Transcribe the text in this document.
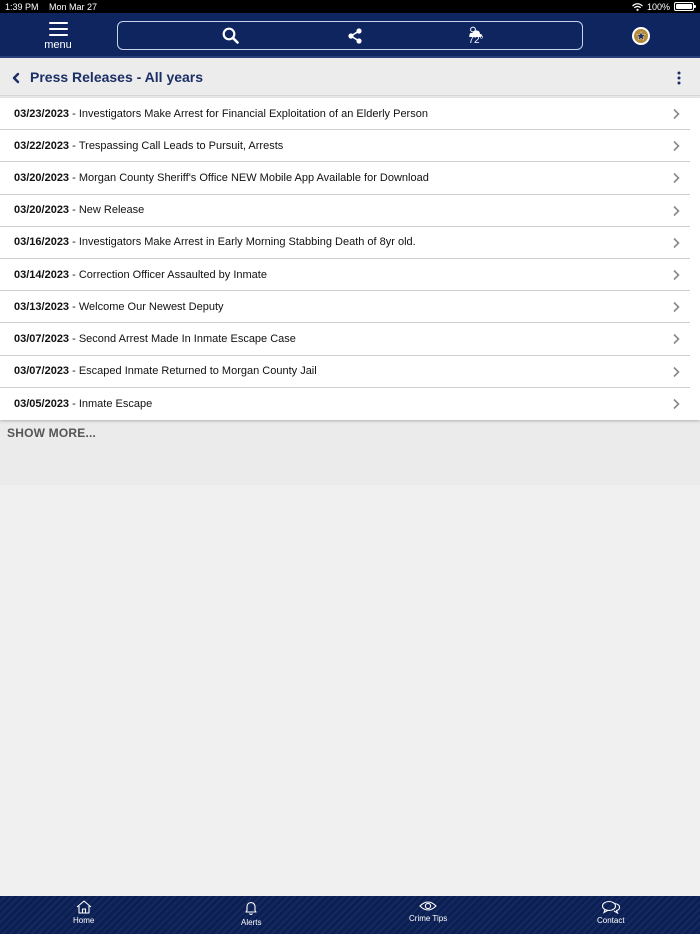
1:39 PM Mon Mar 27	100%
menu	72°
Press Releases - All years
03/23/2023 - Investigators Make Arrest for Financial Exploitation of an Elderly Person
03/22/2023 - Trespassing Call Leads to Pursuit, Arrests
03/20/2023 - Morgan County Sheriff's Office NEW Mobile App Available for Download
03/20/2023 - New Release
03/16/2023 - Investigators Make Arrest in Early Morning Stabbing Death of 8yr old.
03/14/2023 - Correction Officer Assaulted by Inmate
03/13/2023 - Welcome Our Newest Deputy
03/07/2023 - Second Arrest Made In Inmate Escape Case
03/07/2023 - Escaped Inmate Returned to Morgan County Jail
03/05/2023 - Inmate Escape
SHOW MORE...
Home	Alerts	Crime Tips	Contact
